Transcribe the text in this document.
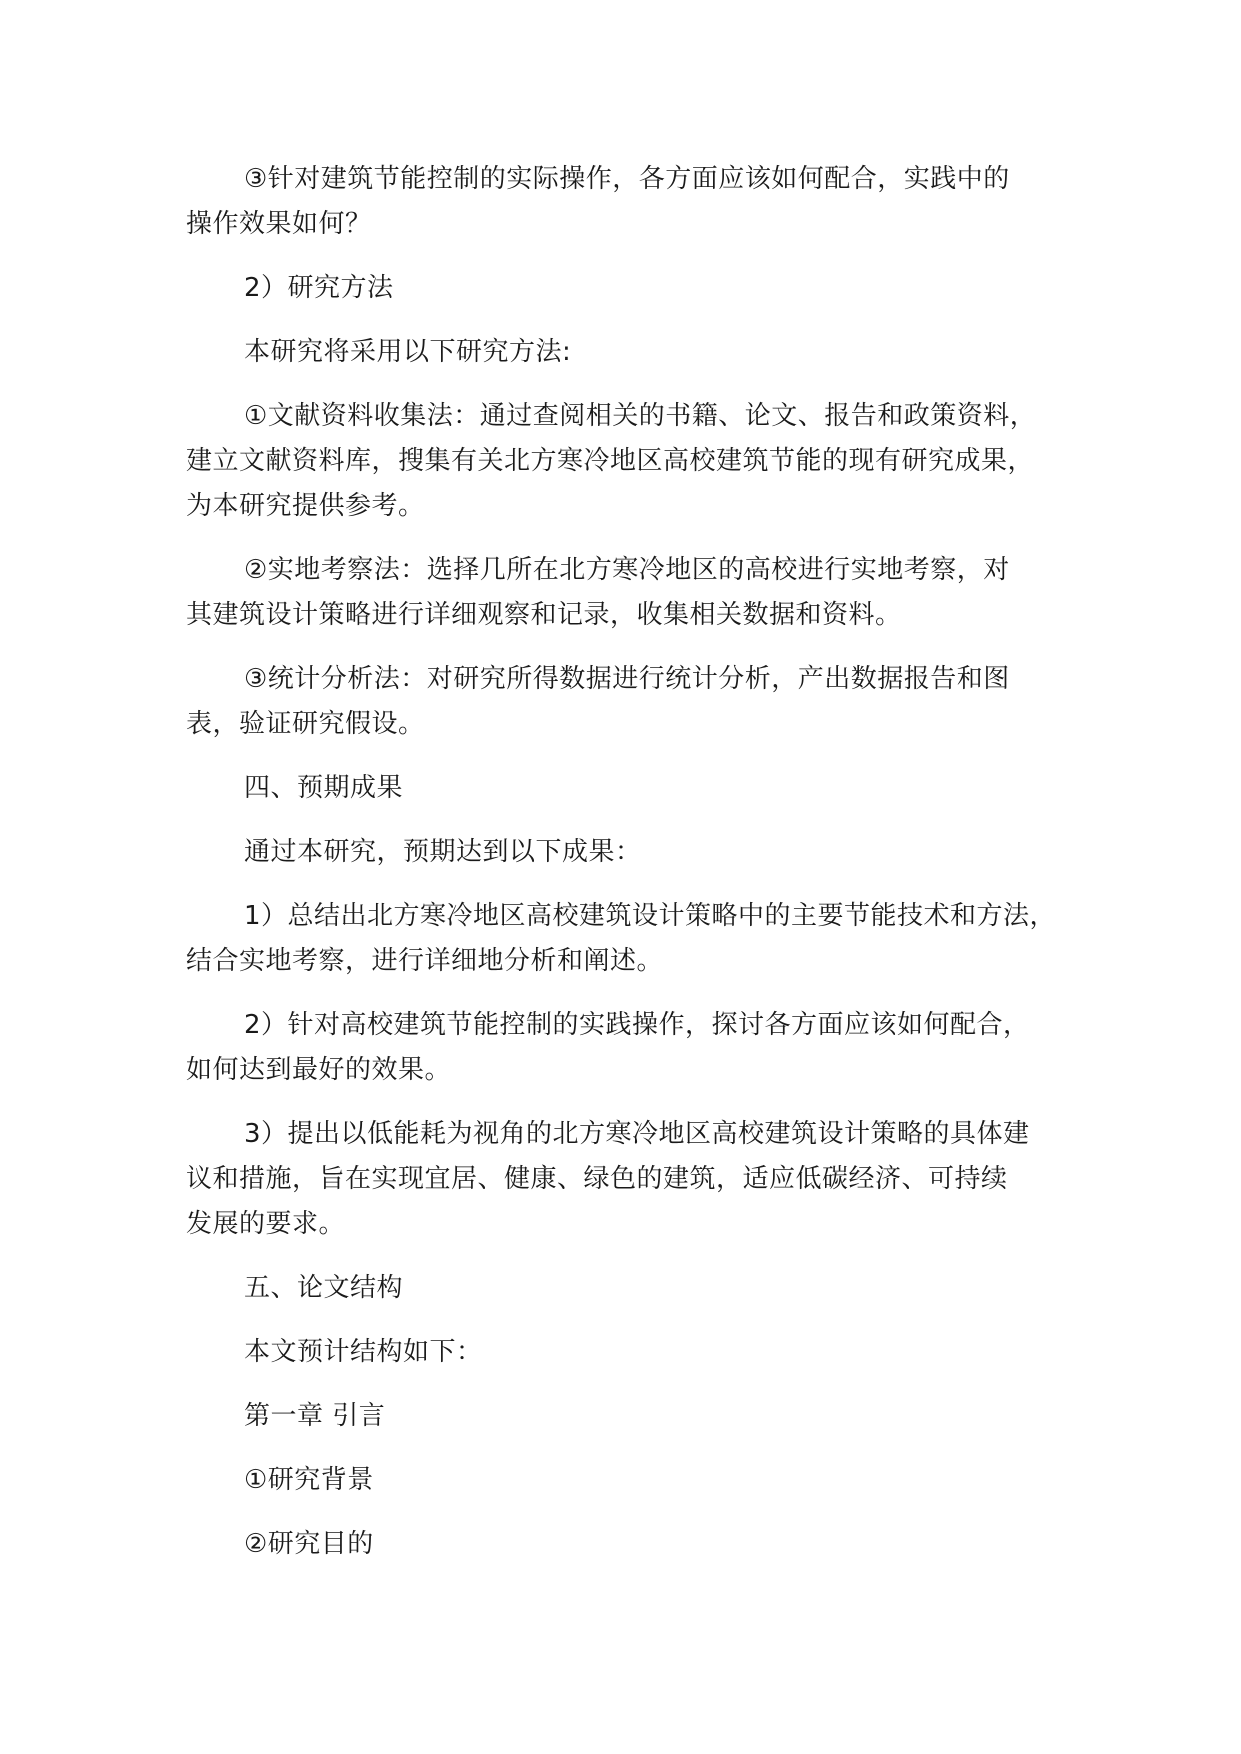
③针对建筑节能控制的实际操作，各方面应该如何配合，实践中的
操作效果如何？

2）研究方法

本研究将采用以下研究方法:

①文献资料收集法：通过查阅相关的书籍、论文、报告和政策资料，
建立文献资料库，搜集有关北方寒冷地区高校建筑节能的现有研究成果，
为本研究提供参考。

②实地考察法：选择几所在北方寒冷地区的高校进行实地考察，对
其建筑设计策略进行详细观察和记录，收集相关数据和资料。

③统计分析法：对研究所得数据进行统计分析，产出数据报告和图
表，验证研究假设。

四、预期成果

通过本研究，预期达到以下成果：

1）总结出北方寒冷地区高校建筑设计策略中的主要节能技术和方法，
结合实地考察，进行详细地分析和阐述。

2）针对高校建筑节能控制的实践操作，探讨各方面应该如何配合，
如何达到最好的效果。

3）提出以低能耗为视角的北方寒冷地区高校建筑设计策略的具体建
议和措施，旨在实现宜居、健康、绿色的建筑，适应低碳经济、可持续
发展的要求。

五、论文结构

本文预计结构如下：

第一章 引言

①研究背景

②研究目的
